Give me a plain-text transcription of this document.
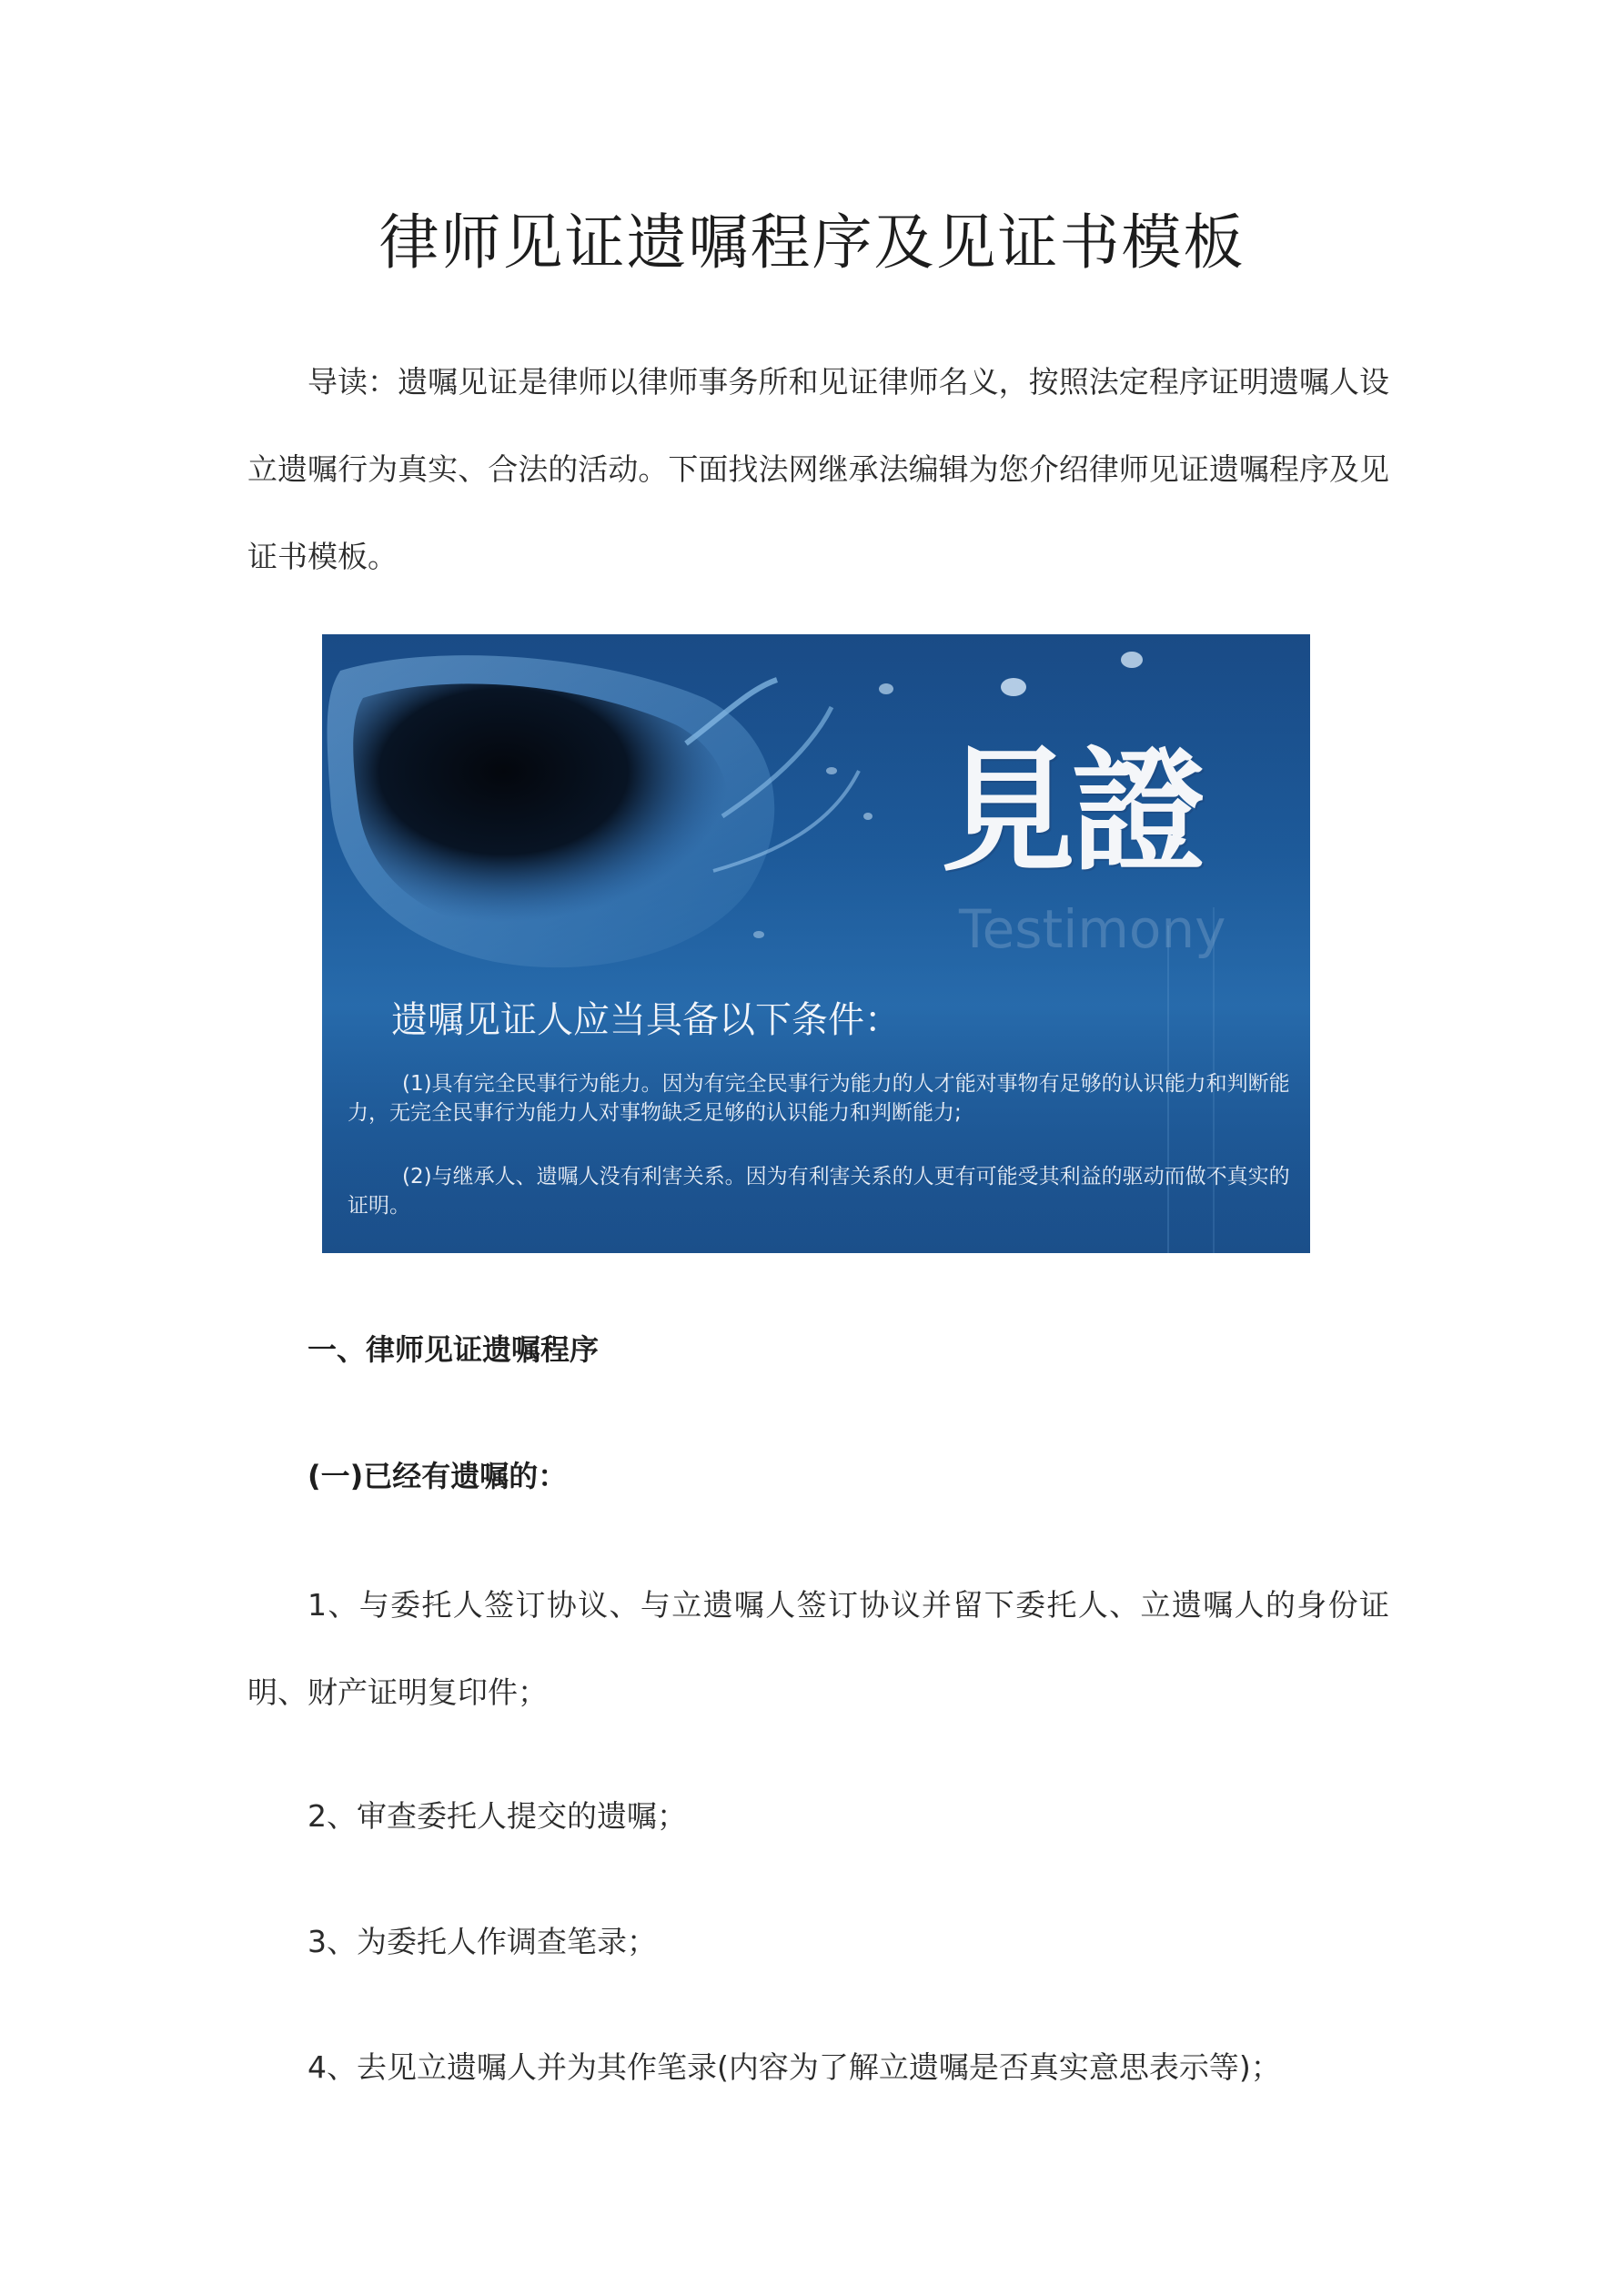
律师见证遗嘱程序及见证书模板
导读：遗嘱见证是律师以律师事务所和见证律师名义，按照法定程序证明遗嘱人设立遗嘱行为真实、合法的活动。下面找法网继承法编辑为您介绍律师见证遗嘱程序及见证书模板。
見證
Testimony
遗嘱见证人应当具备以下条件：
(1)具有完全民事行为能力。因为有完全民事行为能力的人才能对事物有足够的认识能力和判断能力，无完全民事行为能力人对事物缺乏足够的认识能力和判断能力;
(2)与继承人、遗嘱人没有利害关系。因为有利害关系的人更有可能受其利益的驱动而做不真实的证明。
一、律师见证遗嘱程序
(一)已经有遗嘱的：
1、与委托人签订协议、与立遗嘱人签订协议并留下委托人、立遗嘱人的身份证明、财产证明复印件；
2、审查委托人提交的遗嘱；
3、为委托人作调查笔录；
4、去见立遗嘱人并为其作笔录(内容为了解立遗嘱是否真实意思表示等)；
